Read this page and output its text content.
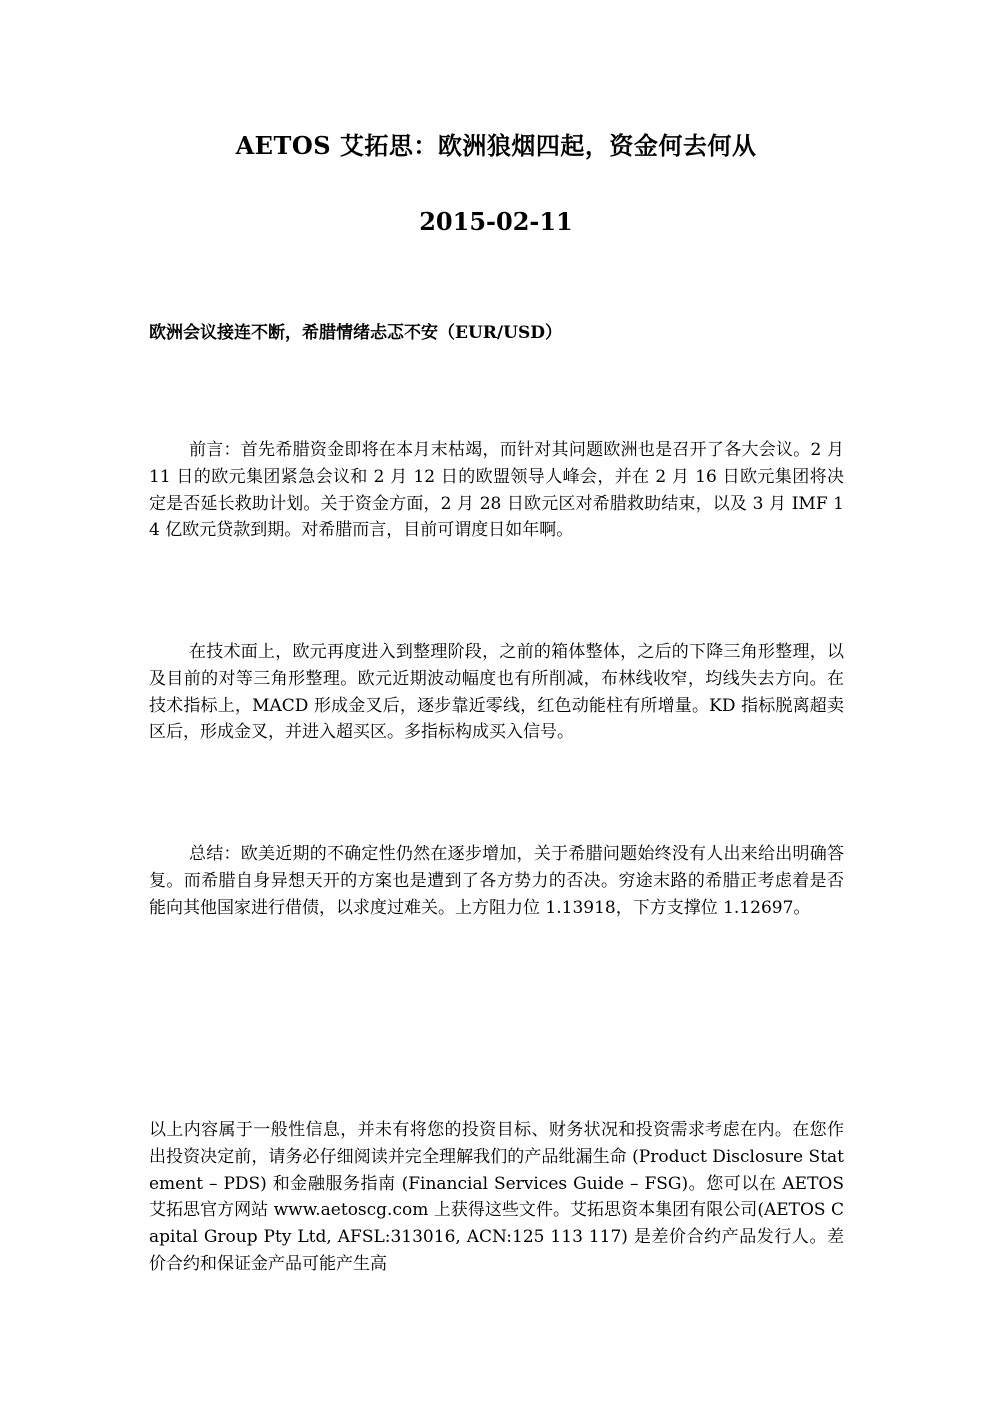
AETOS 艾拓思：欧洲狼烟四起，资金何去何从
2015-02-11
欧洲会议接连不断，希腊情绪忐忑不安（EUR/USD）

前言：首先希腊资金即将在本月末枯竭，而针对其问题欧洲也是召开了各大会议。2 月 11 日的欧元集团紧急会议和 2 月 12 日的欧盟领导人峰会，并在 2 月 16 日欧元集团将决定是否延长救助计划。关于资金方面，2 月 28 日欧元区对希腊救助结束，以及 3 月 IMF 14 亿欧元贷款到期。对希腊而言，目前可谓度日如年啊。

在技术面上，欧元再度进入到整理阶段，之前的箱体整体，之后的下降三角形整理，以及目前的对等三角形整理。欧元近期波动幅度也有所削减，布林线收窄，均线失去方向。在技术指标上，MACD 形成金叉后，逐步靠近零线，红色动能柱有所增量。KD 指标脱离超卖区后，形成金叉，并进入超买区。多指标构成买入信号。

总结：欧美近期的不确定性仍然在逐步增加，关于希腊问题始终没有人出来给出明确答复。而希腊自身异想天开的方案也是遭到了各方势力的否决。穷途末路的希腊正考虑着是否能向其他国家进行借债，以求度过难关。上方阻力位 1.13918，下方支撑位 1.12697。

以上内容属于一般性信息，并未有将您的投资目标、财务状况和投资需求考虑在内。在您作出投资决定前，请务必仔细阅读并完全理解我们的产品纰漏生命 (Product Disclosure Statement – PDS) 和金融服务指南 (Financial Services Guide – FSG)。您可以在 AETOS 艾拓思官方网站 www.aetoscg.com 上获得这些文件。艾拓思资本集团有限公司(AETOS Capital Group Pty Ltd, AFSL:313016, ACN:125 113 117) 是差价合约产品发行人。差价合约和保证金产品可能产生高
